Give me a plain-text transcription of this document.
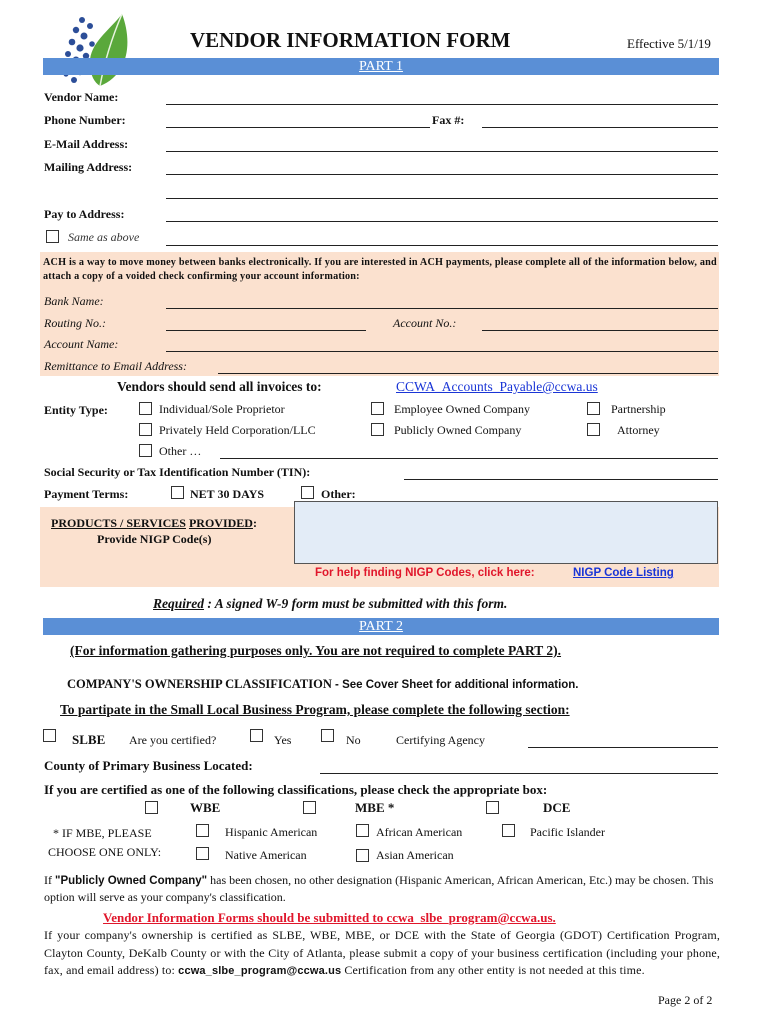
VENDOR INFORMATION FORM	Effective 5/1/19
PART 1
Vendor Name:
Phone Number:	Fax #:
E-Mail Address:
Mailing Address:
Pay to Address:
Same as above
ACH is a way to move money between banks electronically. If you are interested in ACH payments, please complete all of the information below, and attach a copy of a voided check confirming your account information:
Bank Name:
Routing No.:	Account No.:
Account Name:
Remittance to Email Address:
Vendors should send all invoices to:	CCWA_Accounts_Payable@ccwa.us
Entity Type:	Individual/Sole Proprietor	Employee Owned Company	Partnership
Privately Held Corporation/LLC	Publicly Owned Company	Attorney
Other …
Social Security or Tax Identification Number (TIN):
Payment Terms:	NET 30 DAYS	Other:
PRODUCTS / SERVICES PROVIDED:
Provide NIGP Code(s)
For help finding NIGP Codes, click here:	NIGP Code Listing
Required : A signed W-9 form must be submitted with this form.
PART 2
(For information gathering purposes only. You are not required to complete PART 2).
COMPANY'S OWNERSHIP CLASSIFICATION - See Cover Sheet for additional information.
To partipate in the Small Local Business Program, please complete the following section:
SLBE Are you certified?	Yes	No	Certifying Agency
County of Primary Business Located:
If you are certified as one of the following classifications, please check the appropriate box:
WBE	MBE *	DCE
* IF MBE, PLEASE
CHOOSE ONE ONLY:
Hispanic American	African American	Pacific Islander
Native American	Asian American
If "Publicly Owned Company" has been chosen, no other designation (Hispanic American, African American, Etc.) may be chosen. This option will serve as your company's classification.
Vendor Information Forms should be submitted to ccwa_slbe_program@ccwa.us.
If your company's ownership is certified as SLBE, WBE, MBE, or DCE with the State of Georgia (GDOT) Certification Program, Clayton County, DeKalb County or with the City of Atlanta, please submit a copy of your business certification (including your phone, fax, and email address) to: ccwa_slbe_program@ccwa.us Certification from any other entity is not needed at this time.
Page 2 of 2
